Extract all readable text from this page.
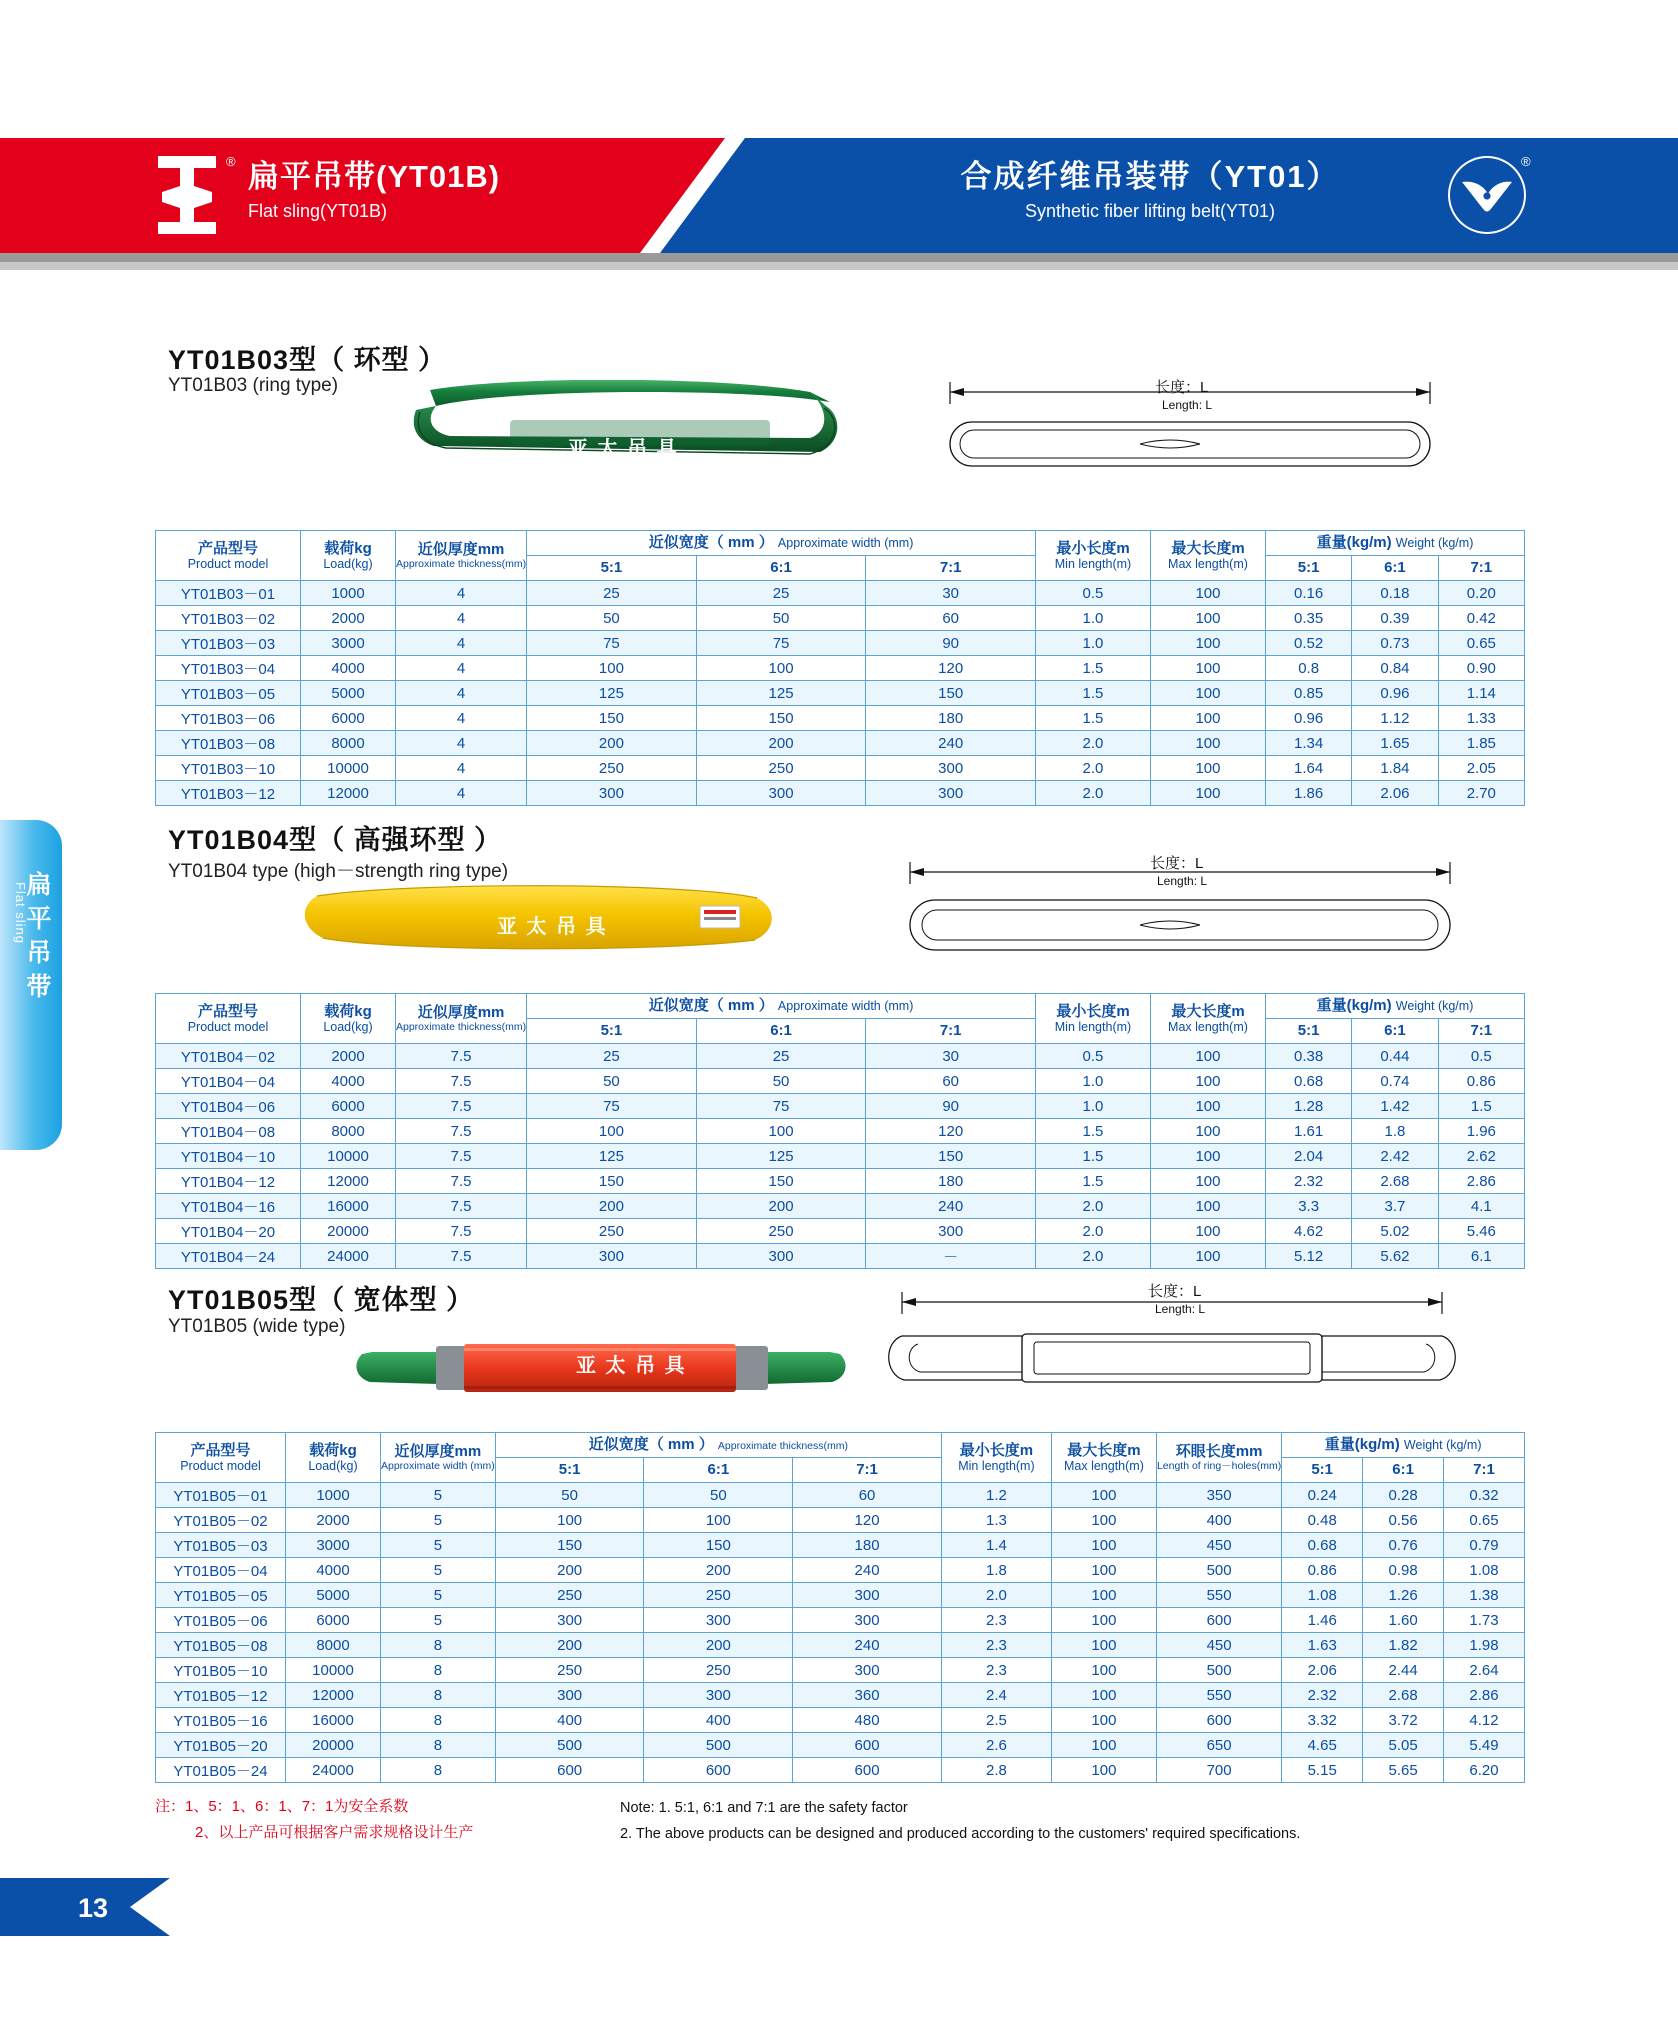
® 扁平吊带(YT01B)
Flat sling(YT01B)
合成纤维吊装带（YT01）
Synthetic fiber lifting belt(YT01)
®
Flat sling
扁平吊带
13
YT01B03型（ 环型 ）
YT01B03 (ring type)
亚 太 吊 具
长度：L
Length: L
产品型号
Product model	载荷kg
Load(kg)	近似厚度mm
Approximate thickness(mm)	近似宽度（ mm ） Approximate width (mm)			最小长度m
Min length(m)	最大长度m
Max length(m)	重量(kg/m) Weight (kg/m)		
			5:1	6:1	7:1			5:1	6:1	7:1
YT01B03－01	1000	4	25	25	30	0.5	100	0.16	0.18	0.20
YT01B03－02	2000	4	50	50	60	1.0	100	0.35	0.39	0.42
YT01B03－03	3000	4	75	75	90	1.0	100	0.52	0.73	0.65
YT01B03－04	4000	4	100	100	120	1.5	100	0.8	0.84	0.90
YT01B03－05	5000	4	125	125	150	1.5	100	0.85	0.96	1.14
YT01B03－06	6000	4	150	150	180	1.5	100	0.96	1.12	1.33
YT01B03－08	8000	4	200	200	240	2.0	100	1.34	1.65	1.85
YT01B03－10	10000	4	250	250	300	2.0	100	1.64	1.84	2.05
YT01B03－12	12000	4	300	300	300	2.0	100	1.86	2.06	2.70
YT01B04型（ 高强环型 ）
YT01B04 type (high－strength ring type)
亚 太 吊 具
长度：L
Length: L
产品型号
Product model	载荷kg
Load(kg)	近似厚度mm
Approximate thickness(mm)	近似宽度（ mm ） Approximate width (mm)			最小长度m
Min length(m)	最大长度m
Max length(m)	重量(kg/m) Weight (kg/m)		
			5:1	6:1	7:1			5:1	6:1	7:1
YT01B04－02	2000	7.5	25	25	30	0.5	100	0.38	0.44	0.5
YT01B04－04	4000	7.5	50	50	60	1.0	100	0.68	0.74	0.86
YT01B04－06	6000	7.5	75	75	90	1.0	100	1.28	1.42	1.5
YT01B04－08	8000	7.5	100	100	120	1.5	100	1.61	1.8	1.96
YT01B04－10	10000	7.5	125	125	150	1.5	100	2.04	2.42	2.62
YT01B04－12	12000	7.5	150	150	180	1.5	100	2.32	2.68	2.86
YT01B04－16	16000	7.5	200	200	240	2.0	100	3.3	3.7	4.1
YT01B04－20	20000	7.5	250	250	300	2.0	100	4.62	5.02	5.46
YT01B04－24	24000	7.5	300	300	－	2.0	100	5.12	5.62	6.1
YT01B05型（ 宽体型 ）
YT01B05 (wide type)
亚 太 吊 具
长度：L
Length: L
产品型号
Product model	载荷kg
Load(kg)	近似厚度mm
Approximate width (mm)	近似宽度（ mm ） Approximate thickness(mm)			最小长度m
Min length(m)	最大长度m
Max length(m)	环眼长度mm
Length of ring－holes(mm)	重量(kg/m) Weight (kg/m)		
			5:1	6:1	7:1				5:1	6:1	7:1
YT01B05－01	1000	5	50	50	60	1.2	100	350	0.24	0.28	0.32
YT01B05－02	2000	5	100	100	120	1.3	100	400	0.48	0.56	0.65
YT01B05－03	3000	5	150	150	180	1.4	100	450	0.68	0.76	0.79
YT01B05－04	4000	5	200	200	240	1.8	100	500	0.86	0.98	1.08
YT01B05－05	5000	5	250	250	300	2.0	100	550	1.08	1.26	1.38
YT01B05－06	6000	5	300	300	300	2.3	100	600	1.46	1.60	1.73
YT01B05－08	8000	8	200	200	240	2.3	100	450	1.63	1.82	1.98
YT01B05－10	10000	8	250	250	300	2.3	100	500	2.06	2.44	2.64
YT01B05－12	12000	8	300	300	360	2.4	100	550	2.32	2.68	2.86
YT01B05－16	16000	8	400	400	480	2.5	100	600	3.32	3.72	4.12
YT01B05－20	20000	8	500	500	600	2.6	100	650	4.65	5.05	5.49
YT01B05－24	24000	8	600	600	600	2.8	100	700	5.15	5.65	6.20
注：1、5：1、6：1、7：1为安全系数
2、以上产品可根据客户需求规格设计生产
Note: 1. 5:1, 6:1 and 7:1 are the safety factor
2. The above products can be designed and produced according to the customers' required specifications.
